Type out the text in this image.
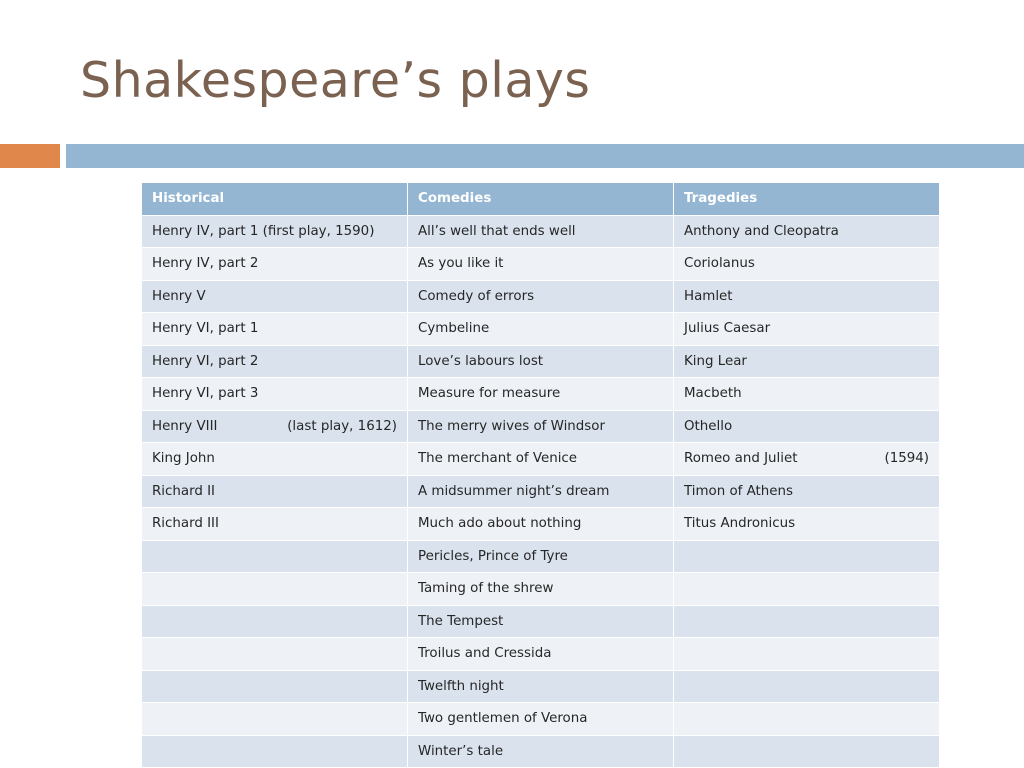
Shakespeare’s plays
Historical	Comedies	Tragedies
Henry IV, part 1 (first play, 1590)	All’s well that ends well	Anthony and Cleopatra
Henry IV, part 2	As you like it	Coriolanus
Henry V	Comedy of errors	Hamlet
Henry VI, part 1	Cymbeline	Julius Caesar
Henry VI, part 2	Love’s labours lost	King Lear
Henry VI, part 3	Measure for measure	Macbeth

Henry VIII (last play, 1612)	The merry wives of Windsor	Othello
King John	The merchant of Venice	Romeo and Juliet (1594)

Richard II	A midsummer night’s dream	Timon of Athens
Richard III	Much ado about nothing	Titus Andronicus
	Pericles, Prince of Tyre	
	Taming of the shrew	
	The Tempest	
	Troilus and Cressida	
	Twelfth night	
	Two gentlemen of Verona	
	Winter’s tale	
